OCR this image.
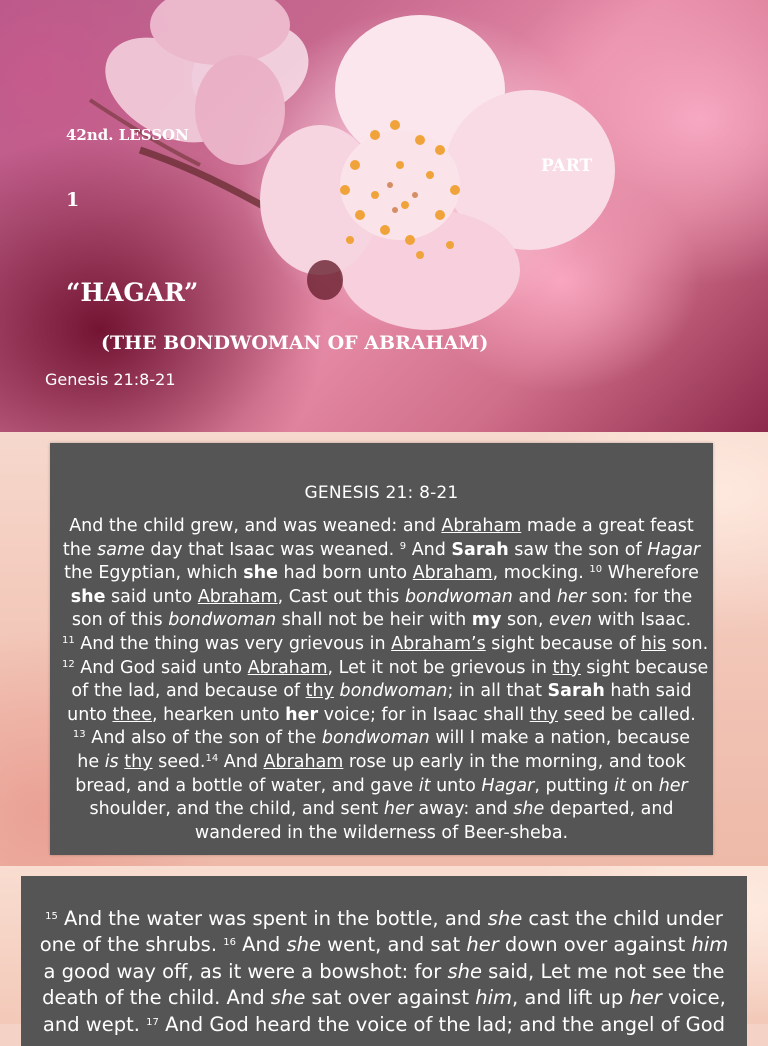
42nd. LESSON
PART
1
“HAGAR”
(THE BONDWOMAN OF ABRAHAM)
Genesis 21:8-21
GENESIS 21: 8-21
And the child grew, and was weaned: and Abraham made a great feast
the same day that Isaac was weaned. $^9$ And Sarah saw the son of Hagar
the Egyptian, which she had born unto Abraham, mocking. $^{10}$ Wherefore
she said unto Abraham, Cast out this bondwoman and her son: for the
son of this bondwoman shall not be heir with my son, even with Isaac.
$^{11}$ And the thing was very grievous in Abraham’s sight because of his son.
$^{12}$ And God said unto Abraham, Let it not be grievous in thy sight because
of the lad, and because of thy bondwoman; in all that Sarah hath said
unto thee, hearken unto her voice; for in Isaac shall thy seed be called.
$^{13}$ And also of the son of the bondwoman will I make a nation, because
he is thy seed.$^{14}$ And Abraham rose up early in the morning, and took
bread, and a bottle of water, and gave it unto Hagar, putting it on her
shoulder, and the child, and sent her away: and she departed, and
wandered in the wilderness of Beer-sheba.
$^{15}$ And the water was spent in the bottle, and she cast the child under
one of the shrubs. $^{16}$ And she went, and sat her down over against him
a good way off, as it were a bowshot: for she said, Let me not see the
death of the child. And she sat over against him, and lift up her voice,
and wept. $^{17}$ And God heard the voice of the lad; and the angel of God
